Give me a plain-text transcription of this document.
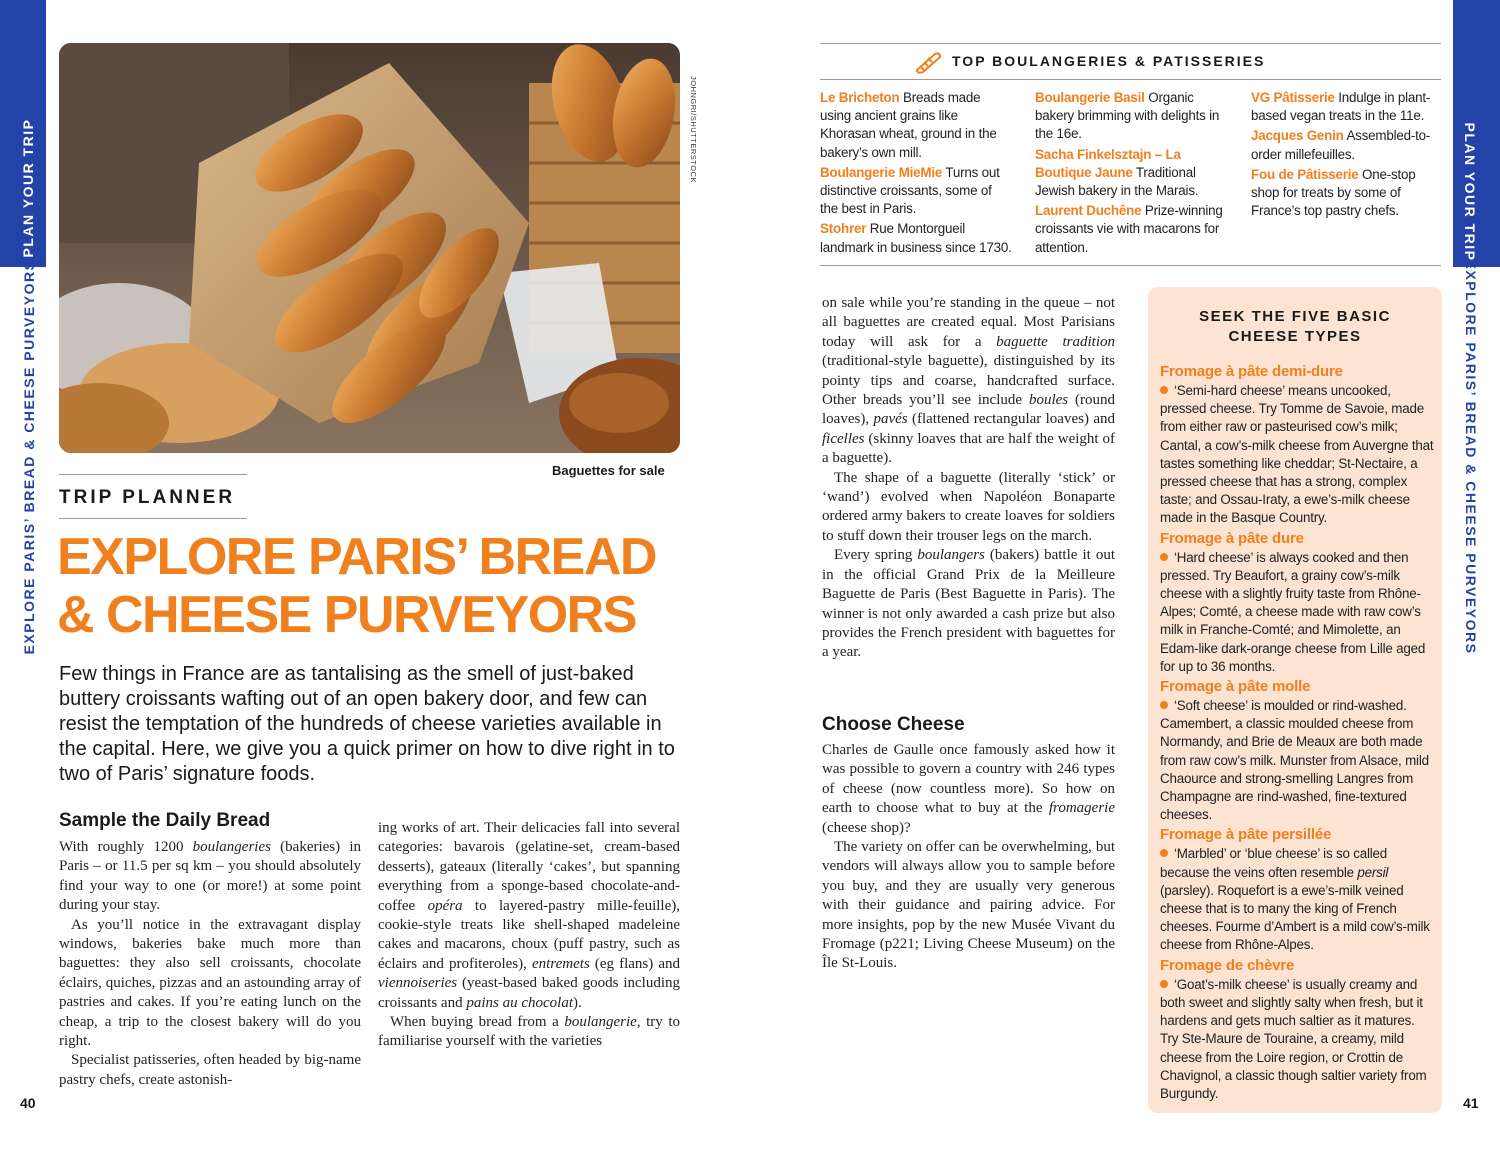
PLAN YOUR TRIP
EXPLORE PARIS’ BREAD & CHEESE PURVEYORS
40
PLAN YOUR TRIP
EXPLORE PARIS’ BREAD & CHEESE PURVEYORS
41
JOHNGRI/SHUTTERSTOCK
Baguettes for sale
TRIP PLANNER
EXPLORE PARIS’ BREAD
& CHEESE PURVEYORS
Few things in France are as tantalising as the smell of just-baked buttery croissants wafting out of an open bakery door, and few can resist the temptation of the hundreds of cheese varieties available in the capital. Here, we give you a quick primer on how to dive right in to two of Paris’ signature foods.
Sample the Daily Bread

With roughly 1200 boulangeries (bakeries) in Paris – or 11.5 per sq km – you should absolutely find your way to one (or more!) at some point during your stay.

As you’ll notice in the extravagant display windows, bakeries bake much more than baguettes: they also sell croissants, chocolate éclairs, quiches, pizzas and an astounding array of pastries and cakes. If you’re eating lunch on the cheap, a trip to the closest bakery will do you right.

Specialist patisseries, often headed by big-name pastry chefs, create astonish-

ing works of art. Their delicacies fall into several categories: bavarois (gelatine-set, cream-based desserts), gateaux (literally ‘cakes’, but spanning everything from a sponge-based chocolate-and-coffee opéra to layered-pastry mille-feuille), cookie-style treats like shell-shaped madeleine cakes and macarons, choux (puff pastry, such as éclairs and profiteroles), entremets (eg flans) and viennoiseries (yeast-based baked goods including croissants and pains au chocolat).

When buying bread from a boulangerie, try to familiarise yourself with the varieties

TOP BOULANGERIES & PATISSERIES
Le Bricheton Breads made using ancient grains like Khorasan wheat, ground in the bakery’s own mill.
Boulangerie MieMie Turns out distinctive croissants, some of the best in Paris.
Stohrer Rue Montorgueil landmark in business since 1730.
Boulangerie Basil Organic bakery brimming with delights in the 16e.
Sacha Finkelsztajn – La Boutique Jaune Traditional Jewish bakery in the Marais.
Laurent Duchêne Prize-winning croissants vie with macarons for attention.
VG Pâtisserie Indulge in plant-based vegan treats in the 11e.
Jacques Genin Assembled-to-order millefeuilles.
Fou de Pâtisserie One-stop shop for treats by some of France’s top pastry chefs.

on sale while you’re standing in the queue – not all baguettes are created equal. Most Parisians today will ask for a baguette tradition (traditional-style baguette), distinguished by its pointy tips and coarse, handcrafted surface. Other breads you’ll see include boules (round loaves), pavés (flattened rectangular loaves) and ficelles (skinny loaves that are half the weight of a baguette).

The shape of a baguette (literally ‘stick’ or ‘wand’) evolved when Napoléon Bonaparte ordered army bakers to create loaves for soldiers to stuff down their trouser legs on the march.

Every spring boulangers (bakers) battle it out in the official Grand Prix de la Meilleure Baguette de Paris (Best Baguette in Paris). The winner is not only awarded a cash prize but also provides the French president with baguettes for a year.

Choose Cheese

Charles de Gaulle once famously asked how it was possible to govern a country with 246 types of cheese (now countless more). So how on earth to choose what to buy at the fromagerie (cheese shop)?

The variety on offer can be overwhelming, but vendors will always allow you to sample before you buy, and they are usually very generous with their guidance and pairing advice. For more insights, pop by the new Musée Vivant du Fromage (p221; Living Cheese Museum) on the Île St-Louis.

SEEK THE FIVE BASIC
CHEESE TYPES
Fromage à pâte demi-dure

‘Semi-hard cheese’ means uncooked, pressed cheese. Try Tomme de Savoie, made from either raw or pasteurised cow’s milk; Cantal, a cow’s-milk cheese from Auvergne that tastes something like cheddar; St-Nectaire, a pressed cheese that has a strong, complex taste; and Ossau-Iraty, a ewe’s-milk cheese made in the Basque Country.

Fromage à pâte dure

‘Hard cheese’ is always cooked and then pressed. Try Beaufort, a grainy cow’s-milk cheese with a slightly fruity taste from Rhône-Alpes; Comté, a cheese made with raw cow’s milk in Franche-Comté; and Mimolette, an Edam-like dark-orange cheese from Lille aged for up to 36 months.

Fromage à pâte molle

‘Soft cheese’ is moulded or rind-washed. Camembert, a classic moulded cheese from Normandy, and Brie de Meaux are both made from raw cow’s milk. Munster from Alsace, mild Chaource and strong-smelling Langres from Champagne are rind-washed, fine-textured cheeses.

Fromage à pâte persillée

‘Marbled’ or ‘blue cheese’ is so called because the veins often resemble persil (parsley). Roquefort is a ewe’s-milk veined cheese that is to many the king of French cheeses. Fourme d’Ambert is a mild cow’s-milk cheese from Rhône-Alpes.

Fromage de chèvre

‘Goat’s-milk cheese’ is usually creamy and both sweet and slightly salty when fresh, but it hardens and gets much saltier as it matures. Try Ste-Maure de Touraine, a creamy, mild cheese from the Loire region, or Crottin de Chavignol, a classic though saltier variety from Burgundy.
